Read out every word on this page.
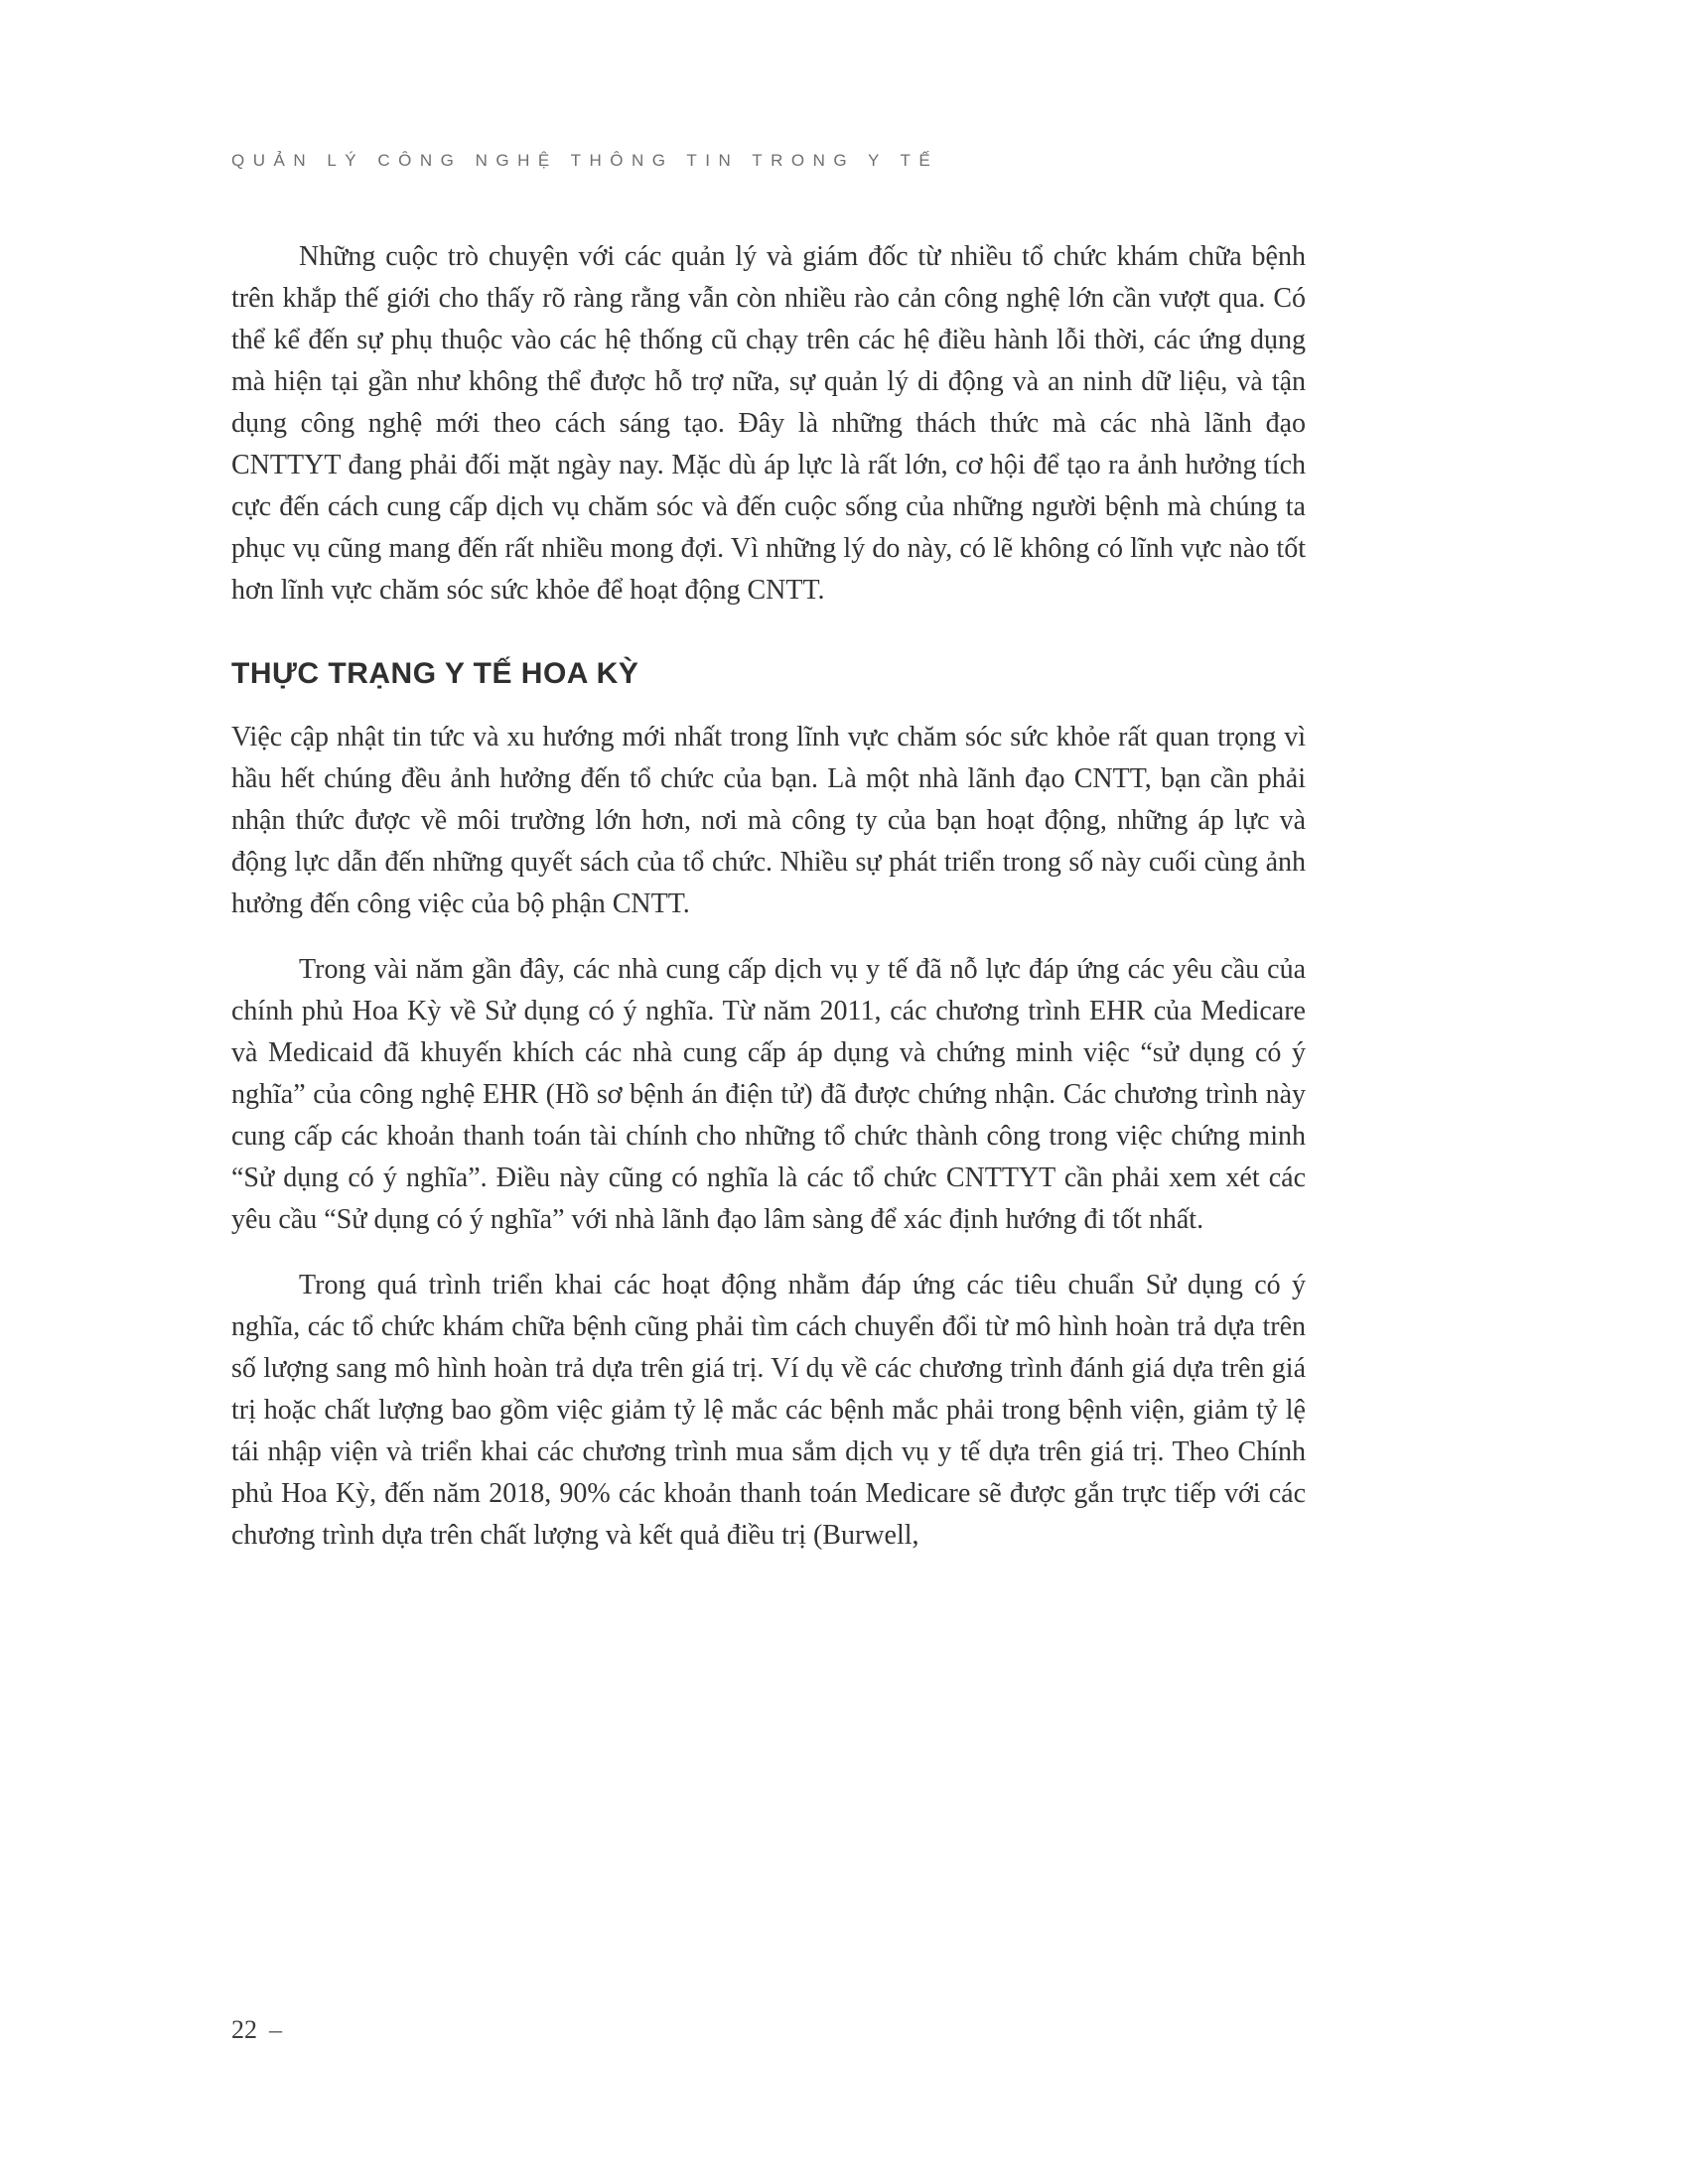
QUẢN LÝ CÔNG NGHỆ THÔNG TIN TRONG Y TẾ

Những cuộc trò chuyện với các quản lý và giám đốc từ nhiều tổ chức khám chữa bệnh trên khắp thế giới cho thấy rõ ràng rằng vẫn còn nhiều rào cản công nghệ lớn cần vượt qua. Có thể kể đến sự phụ thuộc vào các hệ thống cũ chạy trên các hệ điều hành lỗi thời, các ứng dụng mà hiện tại gần như không thể được hỗ trợ nữa, sự quản lý di động và an ninh dữ liệu, và tận dụng công nghệ mới theo cách sáng tạo. Đây là những thách thức mà các nhà lãnh đạo CNTTYT đang phải đối mặt ngày nay. Mặc dù áp lực là rất lớn, cơ hội để tạo ra ảnh hưởng tích cực đến cách cung cấp dịch vụ chăm sóc và đến cuộc sống của những người bệnh mà chúng ta phục vụ cũng mang đến rất nhiều mong đợi. Vì những lý do này, có lẽ không có lĩnh vực nào tốt hơn lĩnh vực chăm sóc sức khỏe để hoạt động CNTT.

THỰC TRẠNG Y TẾ HOA KỲ

Việc cập nhật tin tức và xu hướng mới nhất trong lĩnh vực chăm sóc sức khỏe rất quan trọng vì hầu hết chúng đều ảnh hưởng đến tổ chức của bạn. Là một nhà lãnh đạo CNTT, bạn cần phải nhận thức được về môi trường lớn hơn, nơi mà công ty của bạn hoạt động, những áp lực và động lực dẫn đến những quyết sách của tổ chức. Nhiều sự phát triển trong số này cuối cùng ảnh hưởng đến công việc của bộ phận CNTT.

Trong vài năm gần đây, các nhà cung cấp dịch vụ y tế đã nỗ lực đáp ứng các yêu cầu của chính phủ Hoa Kỳ về Sử dụng có ý nghĩa. Từ năm 2011, các chương trình EHR của Medicare và Medicaid đã khuyến khích các nhà cung cấp áp dụng và chứng minh việc “sử dụng có ý nghĩa” của công nghệ EHR (Hồ sơ bệnh án điện tử) đã được chứng nhận. Các chương trình này cung cấp các khoản thanh toán tài chính cho những tổ chức thành công trong việc chứng minh “Sử dụng có ý nghĩa”. Điều này cũng có nghĩa là các tổ chức CNTTYT cần phải xem xét các yêu cầu “Sử dụng có ý nghĩa” với nhà lãnh đạo lâm sàng để xác định hướng đi tốt nhất.

Trong quá trình triển khai các hoạt động nhằm đáp ứng các tiêu chuẩn Sử dụng có ý nghĩa, các tổ chức khám chữa bệnh cũng phải tìm cách chuyển đổi từ mô hình hoàn trả dựa trên số lượng sang mô hình hoàn trả dựa trên giá trị. Ví dụ về các chương trình đánh giá dựa trên giá trị hoặc chất lượng bao gồm việc giảm tỷ lệ mắc các bệnh mắc phải trong bệnh viện, giảm tỷ lệ tái nhập viện và triển khai các chương trình mua sắm dịch vụ y tế dựa trên giá trị. Theo Chính phủ Hoa Kỳ, đến năm 2018, 90% các khoản thanh toán Medicare sẽ được gắn trực tiếp với các chương trình dựa trên chất lượng và kết quả điều trị (Burwell,

22 –
